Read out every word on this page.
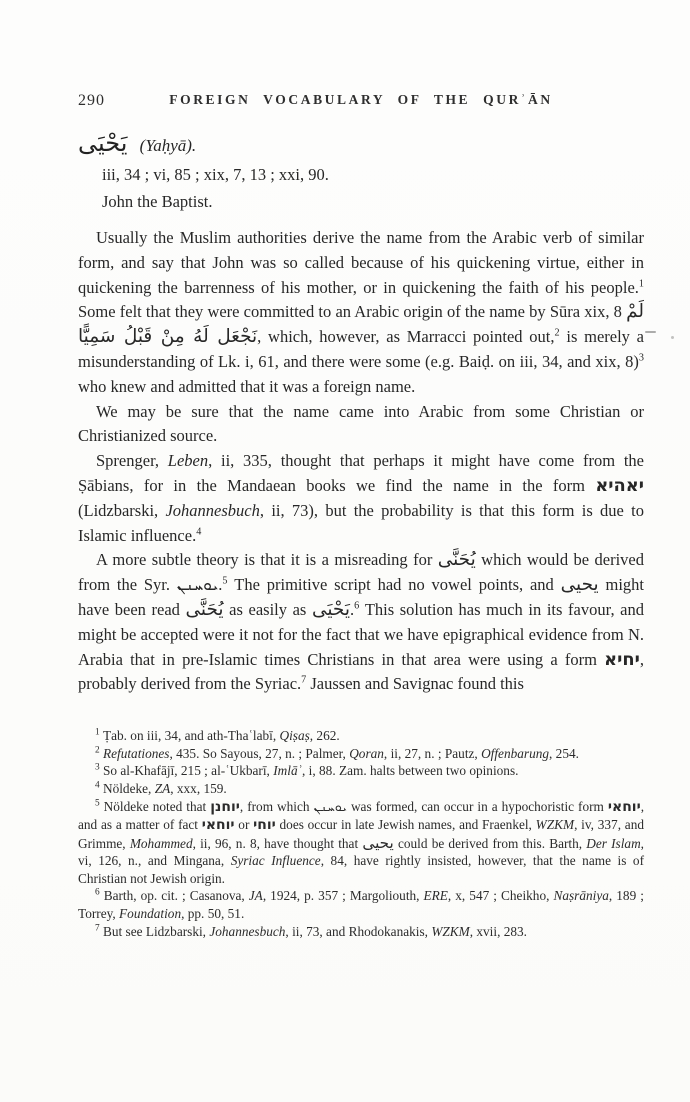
290	FOREIGN VOCABULARY OF THE QURʾĀN
يَحْيَى (Yaḥyā).

iii, 34 ; vi, 85 ; xix, 7, 13 ; xxi, 90.

John the Baptist.

Usually the Muslim authorities derive the name from the Arabic verb of similar form, and say that John was so called because of his quickening virtue, either in quickening the barrenness of his mother, or in quickening the faith of his people.$^1$ Some felt that they were committed to an Arabic origin of the name by Sūra xix, 8 لَمْ نَجْعَل لَهُ مِنْ قَبْلُ سَمِيًّا, which, however, as Marracci pointed out,$^2$ is merely a misunderstanding of Lk. i, 61, and there were some (e.g. Baiḍ. on iii, 34, and xix, 8)$^3$ who knew and admitted that it was a foreign name.

We may be sure that the name came into Arabic from some Christian or Christianized source.

Sprenger, Leben, ii, 335, thought that perhaps it might have come from the Ṣābians, for in the Mandaean books we find the name in the form יאהיא (Lidzbarski, Johannesbuch, ii, 73), but the probability is that this form is due to Islamic influence.$^4$

A more subtle theory is that it is a misreading for يُحَنَّى which would be derived from the Syr. ܝܘܚܢܢ.$^5$ The primitive script had no vowel points, and يحيى might have been read يُحَنَّى as easily as يَحْيَى.$^6$ This solution has much in its favour, and might be accepted were it not for the fact that we have epigraphical evidence from N. Arabia that in pre-Islamic times Christians in that area were using a form יחיא, probably derived from the Syriac.$^7$ Jaussen and Savignac found this

$^1$ Ṭab. on iii, 34, and ath-Thaʿlabī, Qiṣaṣ, 262.

$^2$ Refutationes, 435. So Sayous, 27, n. ; Palmer, Qoran, ii, 27, n. ; Pautz, Offenbarung, 254.

$^3$ So al-Khafājī, 215 ; al-ʿUkbarī, Imlāʾ, i, 88. Zam. halts between two opinions.

$^4$ Nöldeke, ZA, xxx, 159.

$^5$ Nöldeke noted that יוחנן, from which ܝܘܚܢܢ was formed, can occur in a hypochoristic form יוחאי, and as a matter of fact יוחאי or יוחי does occur in late Jewish names, and Fraenkel, WZKM, iv, 337, and Grimme, Mohammed, ii, 96, n. 8, have thought that يحيى could be derived from this. Barth, Der Islam, vi, 126, n., and Mingana, Syriac Influence, 84, have rightly insisted, however, that the name is of Christian not Jewish origin.

$^6$ Barth, op. cit. ; Casanova, JA, 1924, p. 357 ; Margoliouth, ERE, x, 547 ; Cheikho, Naṣrāniya, 189 ; Torrey, Foundation, pp. 50, 51.

$^7$ But see Lidzbarski, Johannesbuch, ii, 73, and Rhodokanakis, WZKM, xvii, 283.
